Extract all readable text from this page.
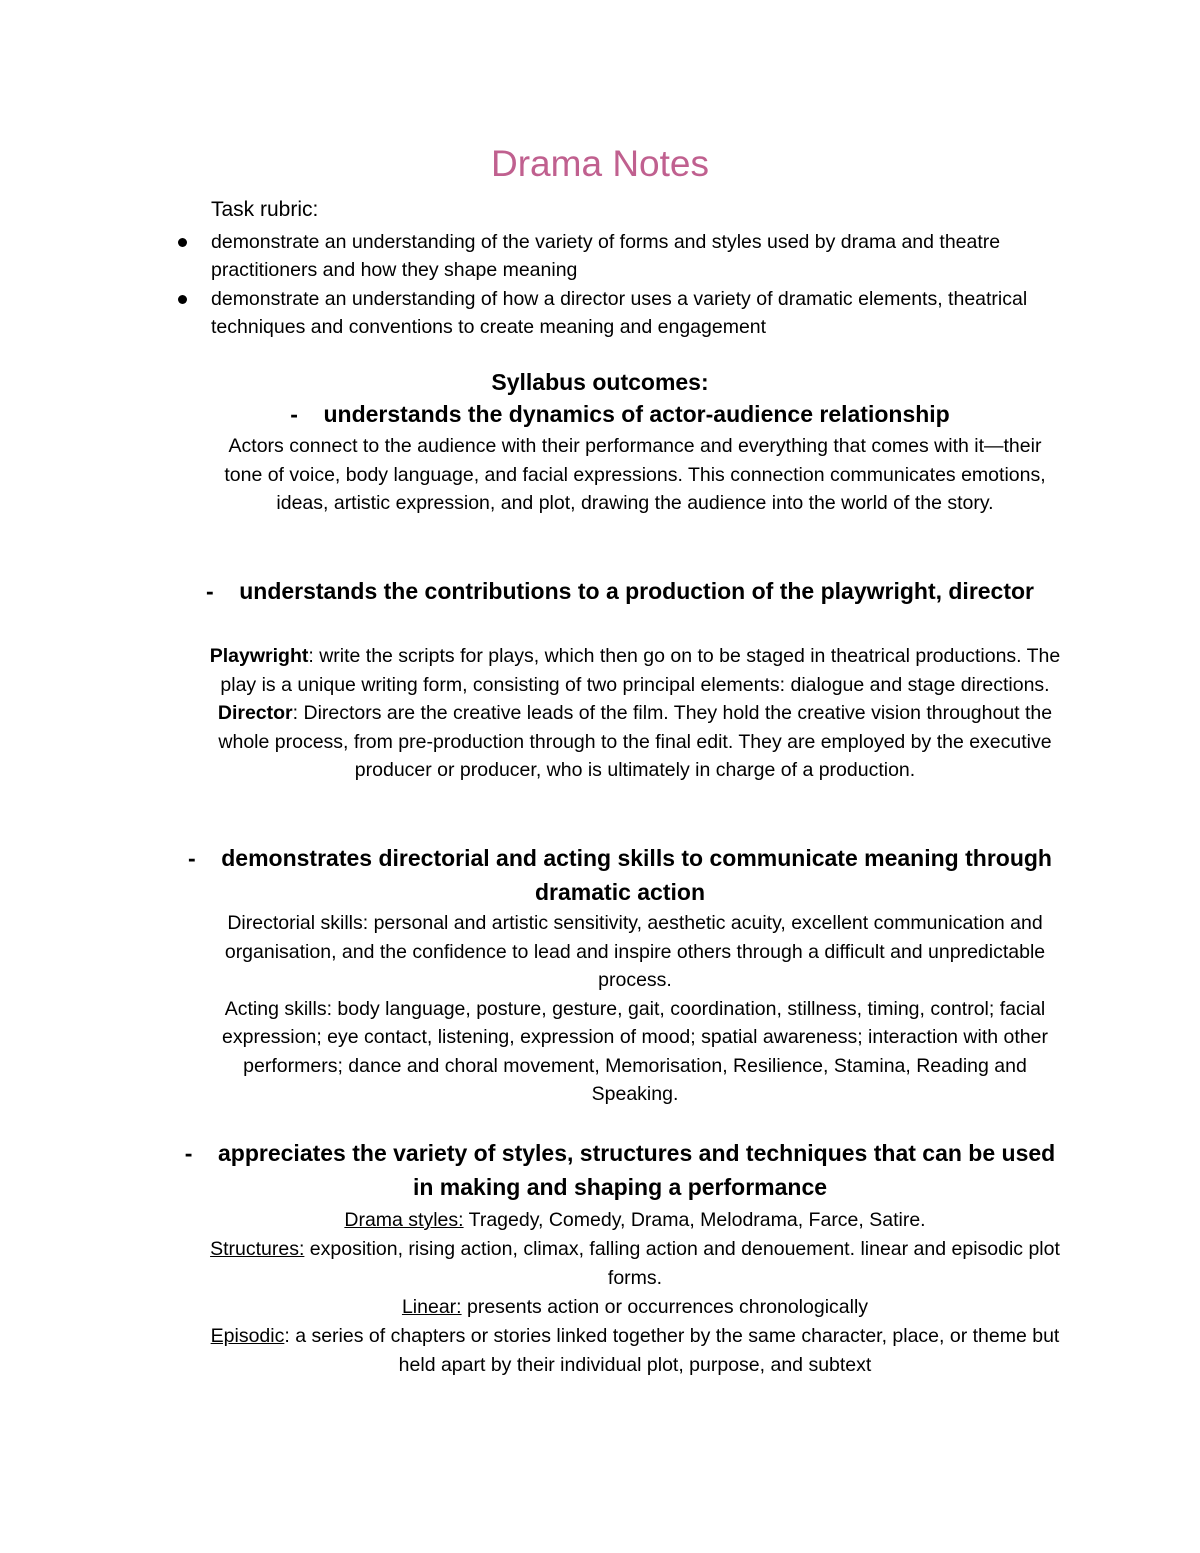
Drama Notes
Task rubric:
demonstrate an understanding of the variety of forms and styles used by drama and theatre practitioners and how they shape meaning
demonstrate an understanding of how a director uses a variety of dramatic elements, theatrical techniques and conventions to create meaning and engagement
Syllabus outcomes:
- understands the dynamics of actor-audience relationship
Actors connect to the audience with their performance and everything that comes with it—their tone of voice, body language, and facial expressions. This connection communicates emotions, ideas, artistic expression, and plot, drawing the audience into the world of the story.
- understands the contributions to a production of the playwright, director
Playwright: write the scripts for plays, which then go on to be staged in theatrical productions. The play is a unique writing form, consisting of two principal elements: dialogue and stage directions. Director: Directors are the creative leads of the film. They hold the creative vision throughout the whole process, from pre-production through to the final edit. They are employed by the executive producer or producer, who is ultimately in charge of a production.
- demonstrates directorial and acting skills to communicate meaning through dramatic action
Directorial skills: personal and artistic sensitivity, aesthetic acuity, excellent communication and organisation, and the confidence to lead and inspire others through a difficult and unpredictable process.
Acting skills: body language, posture, gesture, gait, coordination, stillness, timing, control; facial expression; eye contact, listening, expression of mood; spatial awareness; interaction with other performers; dance and choral movement, Memorisation, Resilience, Stamina, Reading and Speaking.
- appreciates the variety of styles, structures and techniques that can be used in making and shaping a performance
Drama styles: Tragedy, Comedy, Drama, Melodrama, Farce, Satire.
Structures: exposition, rising action, climax, falling action and denouement. linear and episodic plot forms.
Linear: presents action or occurrences chronologically
Episodic: a series of chapters or stories linked together by the same character, place, or theme but held apart by their individual plot, purpose, and subtext
